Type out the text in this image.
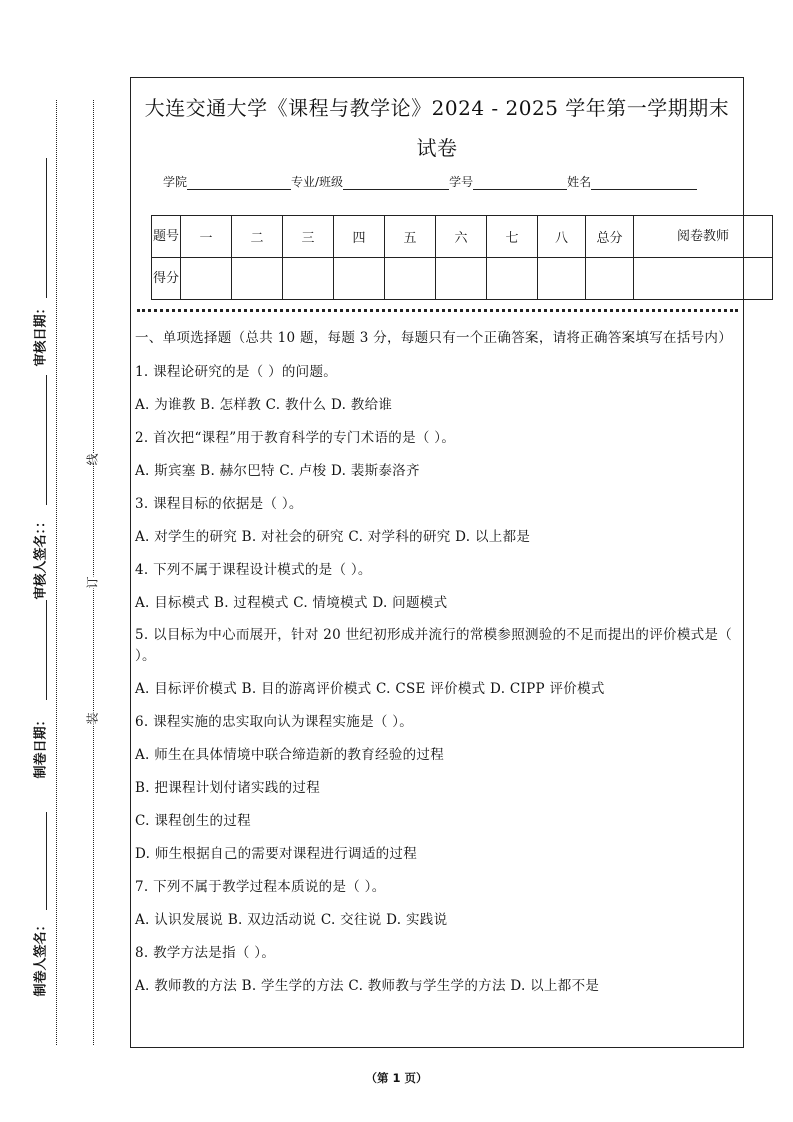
审核日期：
审核人签名：：
制卷日期：
制卷人签名：
线
订
装
大连交通大学《课程与教学论》2024 - 2025 学年第一学期期末试卷
学院	专业/班级	学号	姓名
题号	一	二	三	四	五	六	七	八	总分	阅卷教师
得分										

一、单项选择题（总共 10 题，每题 3 分，每题只有一个正确答案，请将正确答案填写在括号内）

1. 课程论研究的是（ ）的问题。

A. 为谁教 B. 怎样教 C. 教什么 D. 教给谁

2. 首次把“课程”用于教育科学的专门术语的是（ ）。

A. 斯宾塞 B. 赫尔巴特 C. 卢梭 D. 裴斯泰洛齐

3. 课程目标的依据是（ ）。

A. 对学生的研究 B. 对社会的研究 C. 对学科的研究 D. 以上都是

4. 下列不属于课程设计模式的是（ ）。

A. 目标模式 B. 过程模式 C. 情境模式 D. 问题模式

5. 以目标为中心而展开，针对 20 世纪初形成并流行的常模参照测验的不足而提出的评价模式是（ ）。

A. 目标评价模式 B. 目的游离评价模式 C. CSE 评价模式 D. CIPP 评价模式

6. 课程实施的忠实取向认为课程实施是（ ）。

A. 师生在具体情境中联合缔造新的教育经验的过程

B. 把课程计划付诸实践的过程

C. 课程创生的过程

D. 师生根据自己的需要对课程进行调适的过程

7. 下列不属于教学过程本质说的是（ ）。

A. 认识发展说 B. 双边活动说 C. 交往说 D. 实践说

8. 教学方法是指（ ）。

A. 教师教的方法 B. 学生学的方法 C. 教师教与学生学的方法 D. 以上都不是

（第 1 页）
